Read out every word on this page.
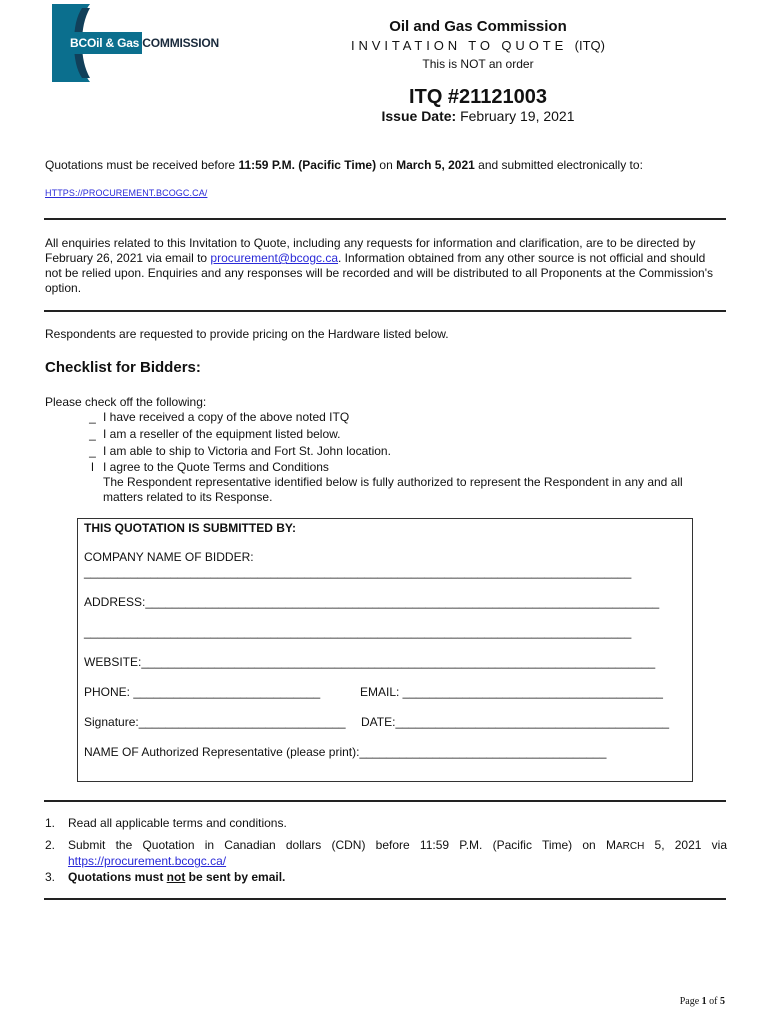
BCOil & Gas COMMISSION
Oil and Gas Commission
INVITATION TO QUOTE (ITQ)
This is NOT an order
ITQ #21121003
Issue Date: February 19, 2021
Quotations must be received before 11:59 P.M. (Pacific Time) on March 5, 2021 and submitted electronically to:
HTTPS://PROCUREMENT.BCOGC.CA/
All enquiries related to this Invitation to Quote, including any requests for information and clarification, are to be directed by February 26, 2021 via email to procurement@bcogc.ca. Information obtained from any other source is not official and should not be relied upon. Enquiries and any responses will be recorded and will be distributed to all Proponents at the Commission's option.
Respondents are requested to provide pricing on the Hardware listed below.
Checklist for Bidders:
Please check off the following:
_ I have received a copy of the above noted ITQ
_ I am a reseller of the equipment listed below.
_ I am able to ship to Victoria and Fort St. John location.
l I agree to the Quote Terms and Conditions
The Respondent representative identified below is fully authorized to represent the Respondent in any and all matters related to its Response.
THIS QUOTATION IS SUBMITTED BY:
COMPANY NAME OF BIDDER:
__________________________________________________________________________________
ADDRESS:_____________________________________________________________________________
__________________________________________________________________________________
WEBSITE:_____________________________________________________________________________
PHONE: ____________________________	EMAIL: _______________________________________
Signature:_______________________________ DATE:_________________________________________
NAME OF Authorized Representative (please print):_____________________________________
1. Read all applicable terms and conditions.
2. Submit the Quotation in Canadian dollars (CDN) before 11:59 P.M. (Pacific Time) on MARCH 5, 2021 via
https://procurement.bcogc.ca/
3. Quotations must not be sent by email.
Page 1 of 5
